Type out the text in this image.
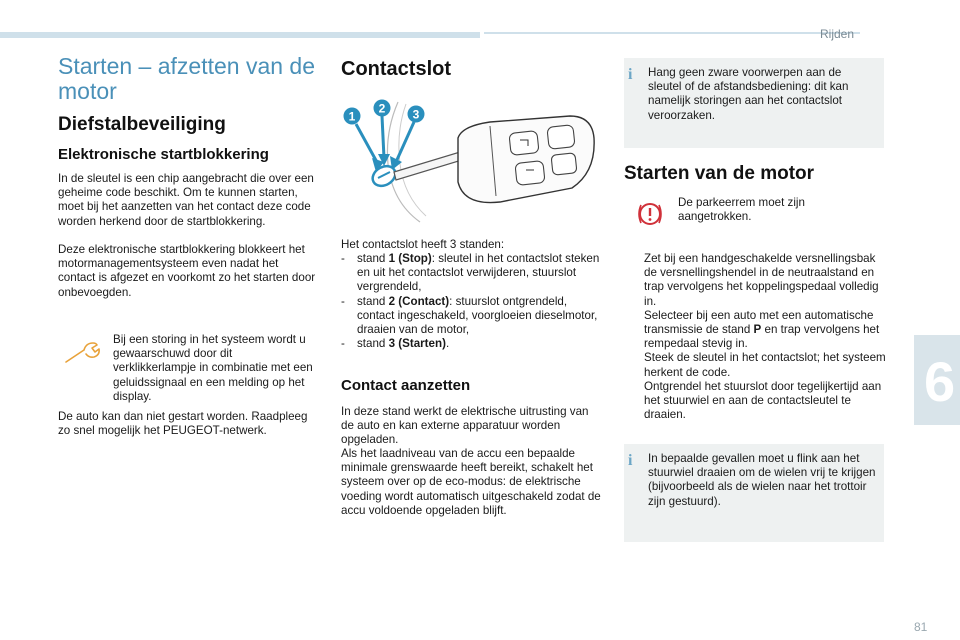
Rijden
6
81
Starten – afzetten van de motor
Diefstalbeveiliging
Elektronische startblokkering

In de sleutel is een chip aangebracht die over een geheime code beschikt. Om te kunnen starten, moet bij het aanzetten van het contact deze code worden herkend door de startblokkering.

Deze elektronische startblokkering blokkeert het motormanagementsysteem even nadat het contact is afgezet en voorkomt zo het starten door onbevoegden.

Bij een storing in het systeem wordt u gewaarschuwd door dit verklikkerlampje in combinatie met een geluidssignaal en een melding op het display.

De auto kan dan niet gestart worden. Raadpleeg zo snel mogelijk het PEUGEOT-netwerk.

Contactslot
1
2 3

Het contactslot heeft 3 standen:

- stand 1 (Stop): sleutel in het contactslot steken en uit het contactslot verwijderen, stuurslot vergrendeld,
- stand 2 (Contact): stuurslot ontgrendeld, contact ingeschakeld, voorgloeien dieselmotor, draaien van de motor,
- stand 3 (Starten).
Contact aanzetten

In deze stand werkt de elektrische uitrusting van de auto en kan externe apparatuur worden opgeladen.

Als het laadniveau van de accu een bepaalde minimale grenswaarde heeft bereikt, schakelt het systeem over op de eco-modus: de elektrische voeding wordt automatisch uitgeschakeld zodat de accu voldoende opgeladen blijft.

i Hang geen zware voorwerpen aan de sleutel of de afstandsbediening: dit kan namelijk storingen aan het contactslot veroorzaken.

Starten van de motor

De parkeerrem moet zijn aangetrokken.

Zet bij een handgeschakelde versnellingsbak de versnellingshendel in de neutraalstand en trap vervolgens het koppelingspedaal volledig in.
Selecteer bij een auto met een automatische transmissie de stand P en trap vervolgens het rempedaal stevig in.
Steek de sleutel in het contactslot; het systeem herkent de code.
Ontgrendel het stuurslot door tegelijkertijd aan het stuurwiel en aan de contactsleutel te draaien.
i In bepaalde gevallen moet u flink aan het stuurwiel draaien om de wielen vrij te krijgen (bijvoorbeeld als de wielen naar het trottoir zijn gestuurd).
